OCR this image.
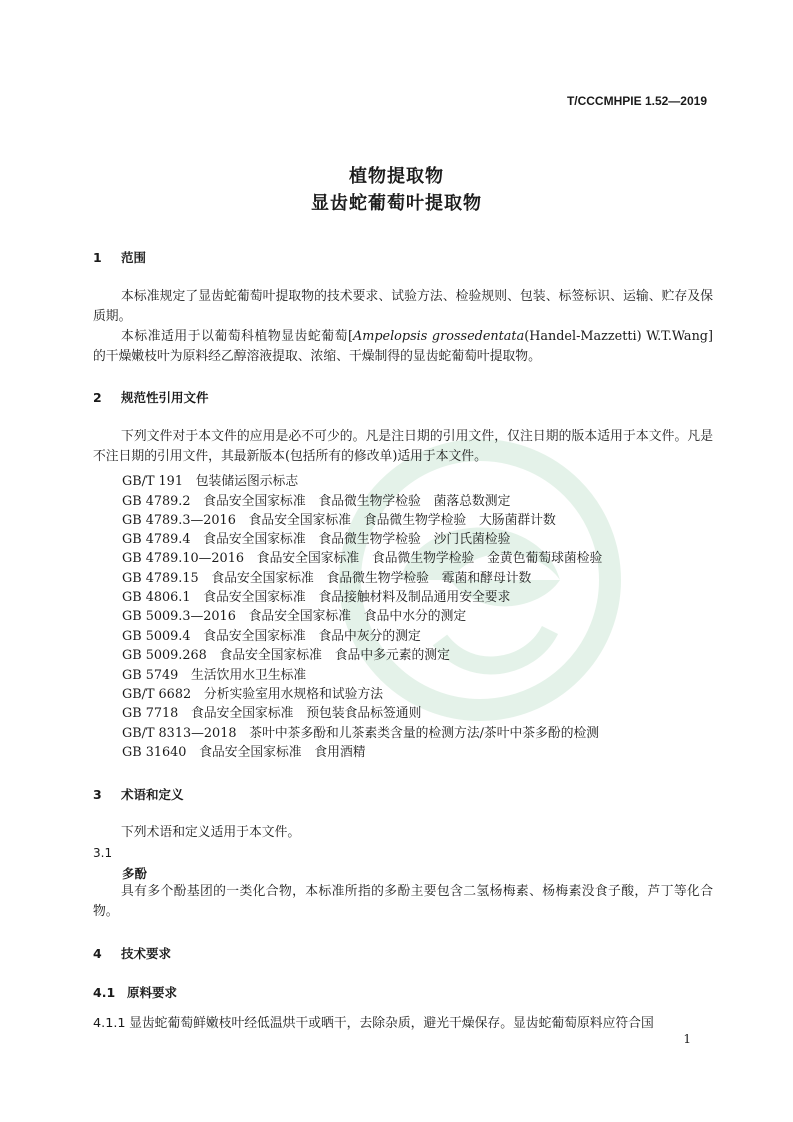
T/CCCMHPIE 1.52—2019
植物提取物
显齿蛇葡萄叶提取物
1 范围
本标准规定了显齿蛇葡萄叶提取物的技术要求、试验方法、检验规则、包装、标签标识、运输、贮存及保质期。
本标准适用于以葡萄科植物显齿蛇葡萄[Ampelopsis grossedentata(Handel-Mazzetti) W.T.Wang]的干燥嫩枝叶为原料经乙醇溶液提取、浓缩、干燥制得的显齿蛇葡萄叶提取物。
2 规范性引用文件
下列文件对于本文件的应用是必不可少的。凡是注日期的引用文件，仅注日期的版本适用于本文件。凡是不注日期的引用文件，其最新版本(包括所有的修改单)适用于本文件。
GB/T 191　包装储运图示标志
GB 4789.2　食品安全国家标准　食品微生物学检验　菌落总数测定
GB 4789.3—2016　食品安全国家标准　食品微生物学检验　大肠菌群计数
GB 4789.4　食品安全国家标准　食品微生物学检验　沙门氏菌检验
GB 4789.10—2016　食品安全国家标准　食品微生物学检验　金黄色葡萄球菌检验
GB 4789.15　食品安全国家标准　食品微生物学检验　霉菌和酵母计数
GB 4806.1　食品安全国家标准　食品接触材料及制品通用安全要求
GB 5009.3—2016　食品安全国家标准　食品中水分的测定
GB 5009.4　食品安全国家标准　食品中灰分的测定
GB 5009.268　食品安全国家标准　食品中多元素的测定
GB 5749　生活饮用水卫生标准
GB/T 6682　分析实验室用水规格和试验方法
GB 7718　食品安全国家标准　预包装食品标签通则
GB/T 8313—2018　茶叶中茶多酚和儿茶素类含量的检测方法/茶叶中茶多酚的检测
GB 31640　食品安全国家标准　食用酒精
3 术语和定义
下列术语和定义适用于本文件。
3.1
多酚
具有多个酚基团的一类化合物，本标准所指的多酚主要包含二氢杨梅素、杨梅素没食子酸，芦丁等化合物。
4 技术要求
4.1 原料要求
4.1.1 显齿蛇葡萄鲜嫩枝叶经低温烘干或晒干，去除杂质，避光干燥保存。显齿蛇葡萄原料应符合国
1
